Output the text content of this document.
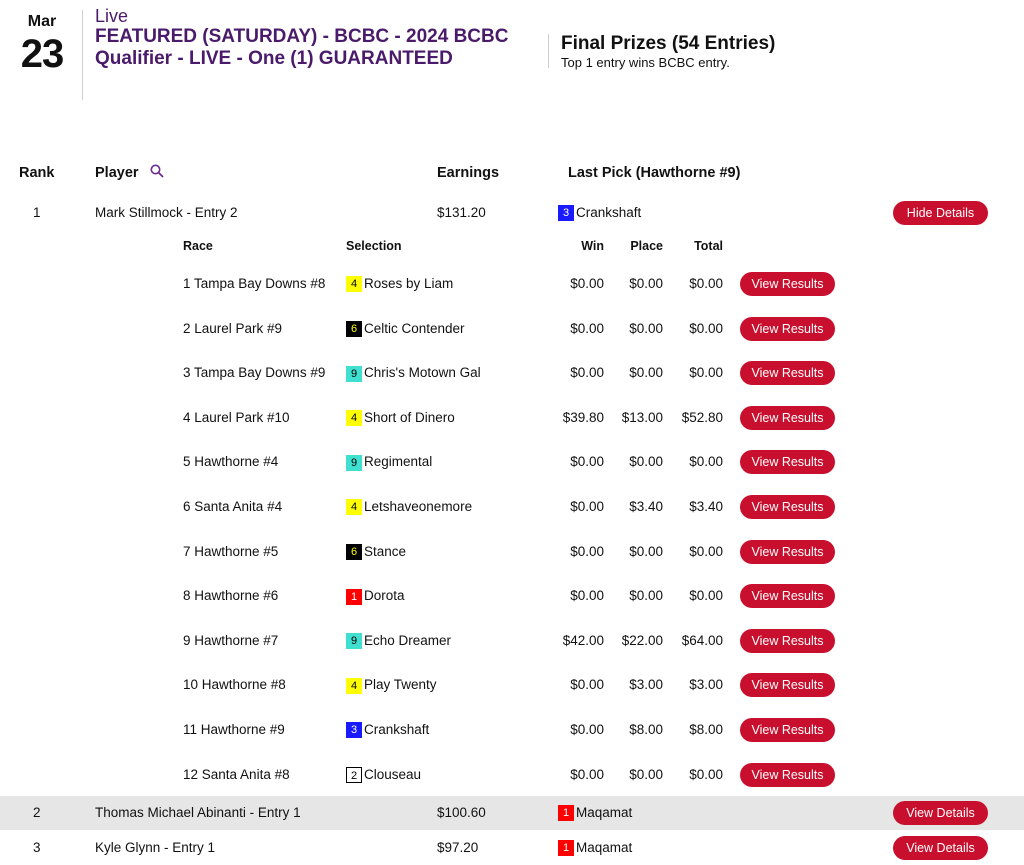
Mar
23
Live
FEATURED (SATURDAY) - BCBC - 2024 BCBC Qualifier - LIVE - One (1) GUARANTEED
Final Prizes (54 Entries)
Top 1 entry wins BCBC entry.
Rank	Player	Earnings	Last Pick (Hawthorne #9)
1	Mark Stillmock - Entry 2	$131.20	3 Crankshaft	Hide Details
2	Thomas Michael Abinanti - Entry 1	$100.60	1 Maqamat	View Details
3	Kyle Glynn - Entry 1	$97.20	1 Maqamat	View Details
Race	Selection	Win	Place	Total
1 Tampa Bay Downs #8	4 Roses by Liam	$0.00	$0.00	$0.00	View Results
2 Laurel Park #9	6 Celtic Contender	$0.00	$0.00	$0.00	View Results
3 Tampa Bay Downs #9	9 Chris's Motown Gal	$0.00	$0.00	$0.00	View Results
4 Laurel Park #10	4 Short of Dinero	$39.80	$13.00	$52.80	View Results
5 Hawthorne #4	9 Regimental	$0.00	$0.00	$0.00	View Results
6 Santa Anita #4	4 Letshaveonemore	$0.00	$3.40	$3.40	View Results
7 Hawthorne #5	6 Stance	$0.00	$0.00	$0.00	View Results
8 Hawthorne #6	1 Dorota	$0.00	$0.00	$0.00	View Results
9 Hawthorne #7	9 Echo Dreamer	$42.00	$22.00	$64.00	View Results
10 Hawthorne #8	4 Play Twenty	$0.00	$3.00	$3.00	View Results
11 Hawthorne #9	3 Crankshaft	$0.00	$8.00	$8.00	View Results
12 Santa Anita #8	2 Clouseau	$0.00	$0.00	$0.00	View Results
